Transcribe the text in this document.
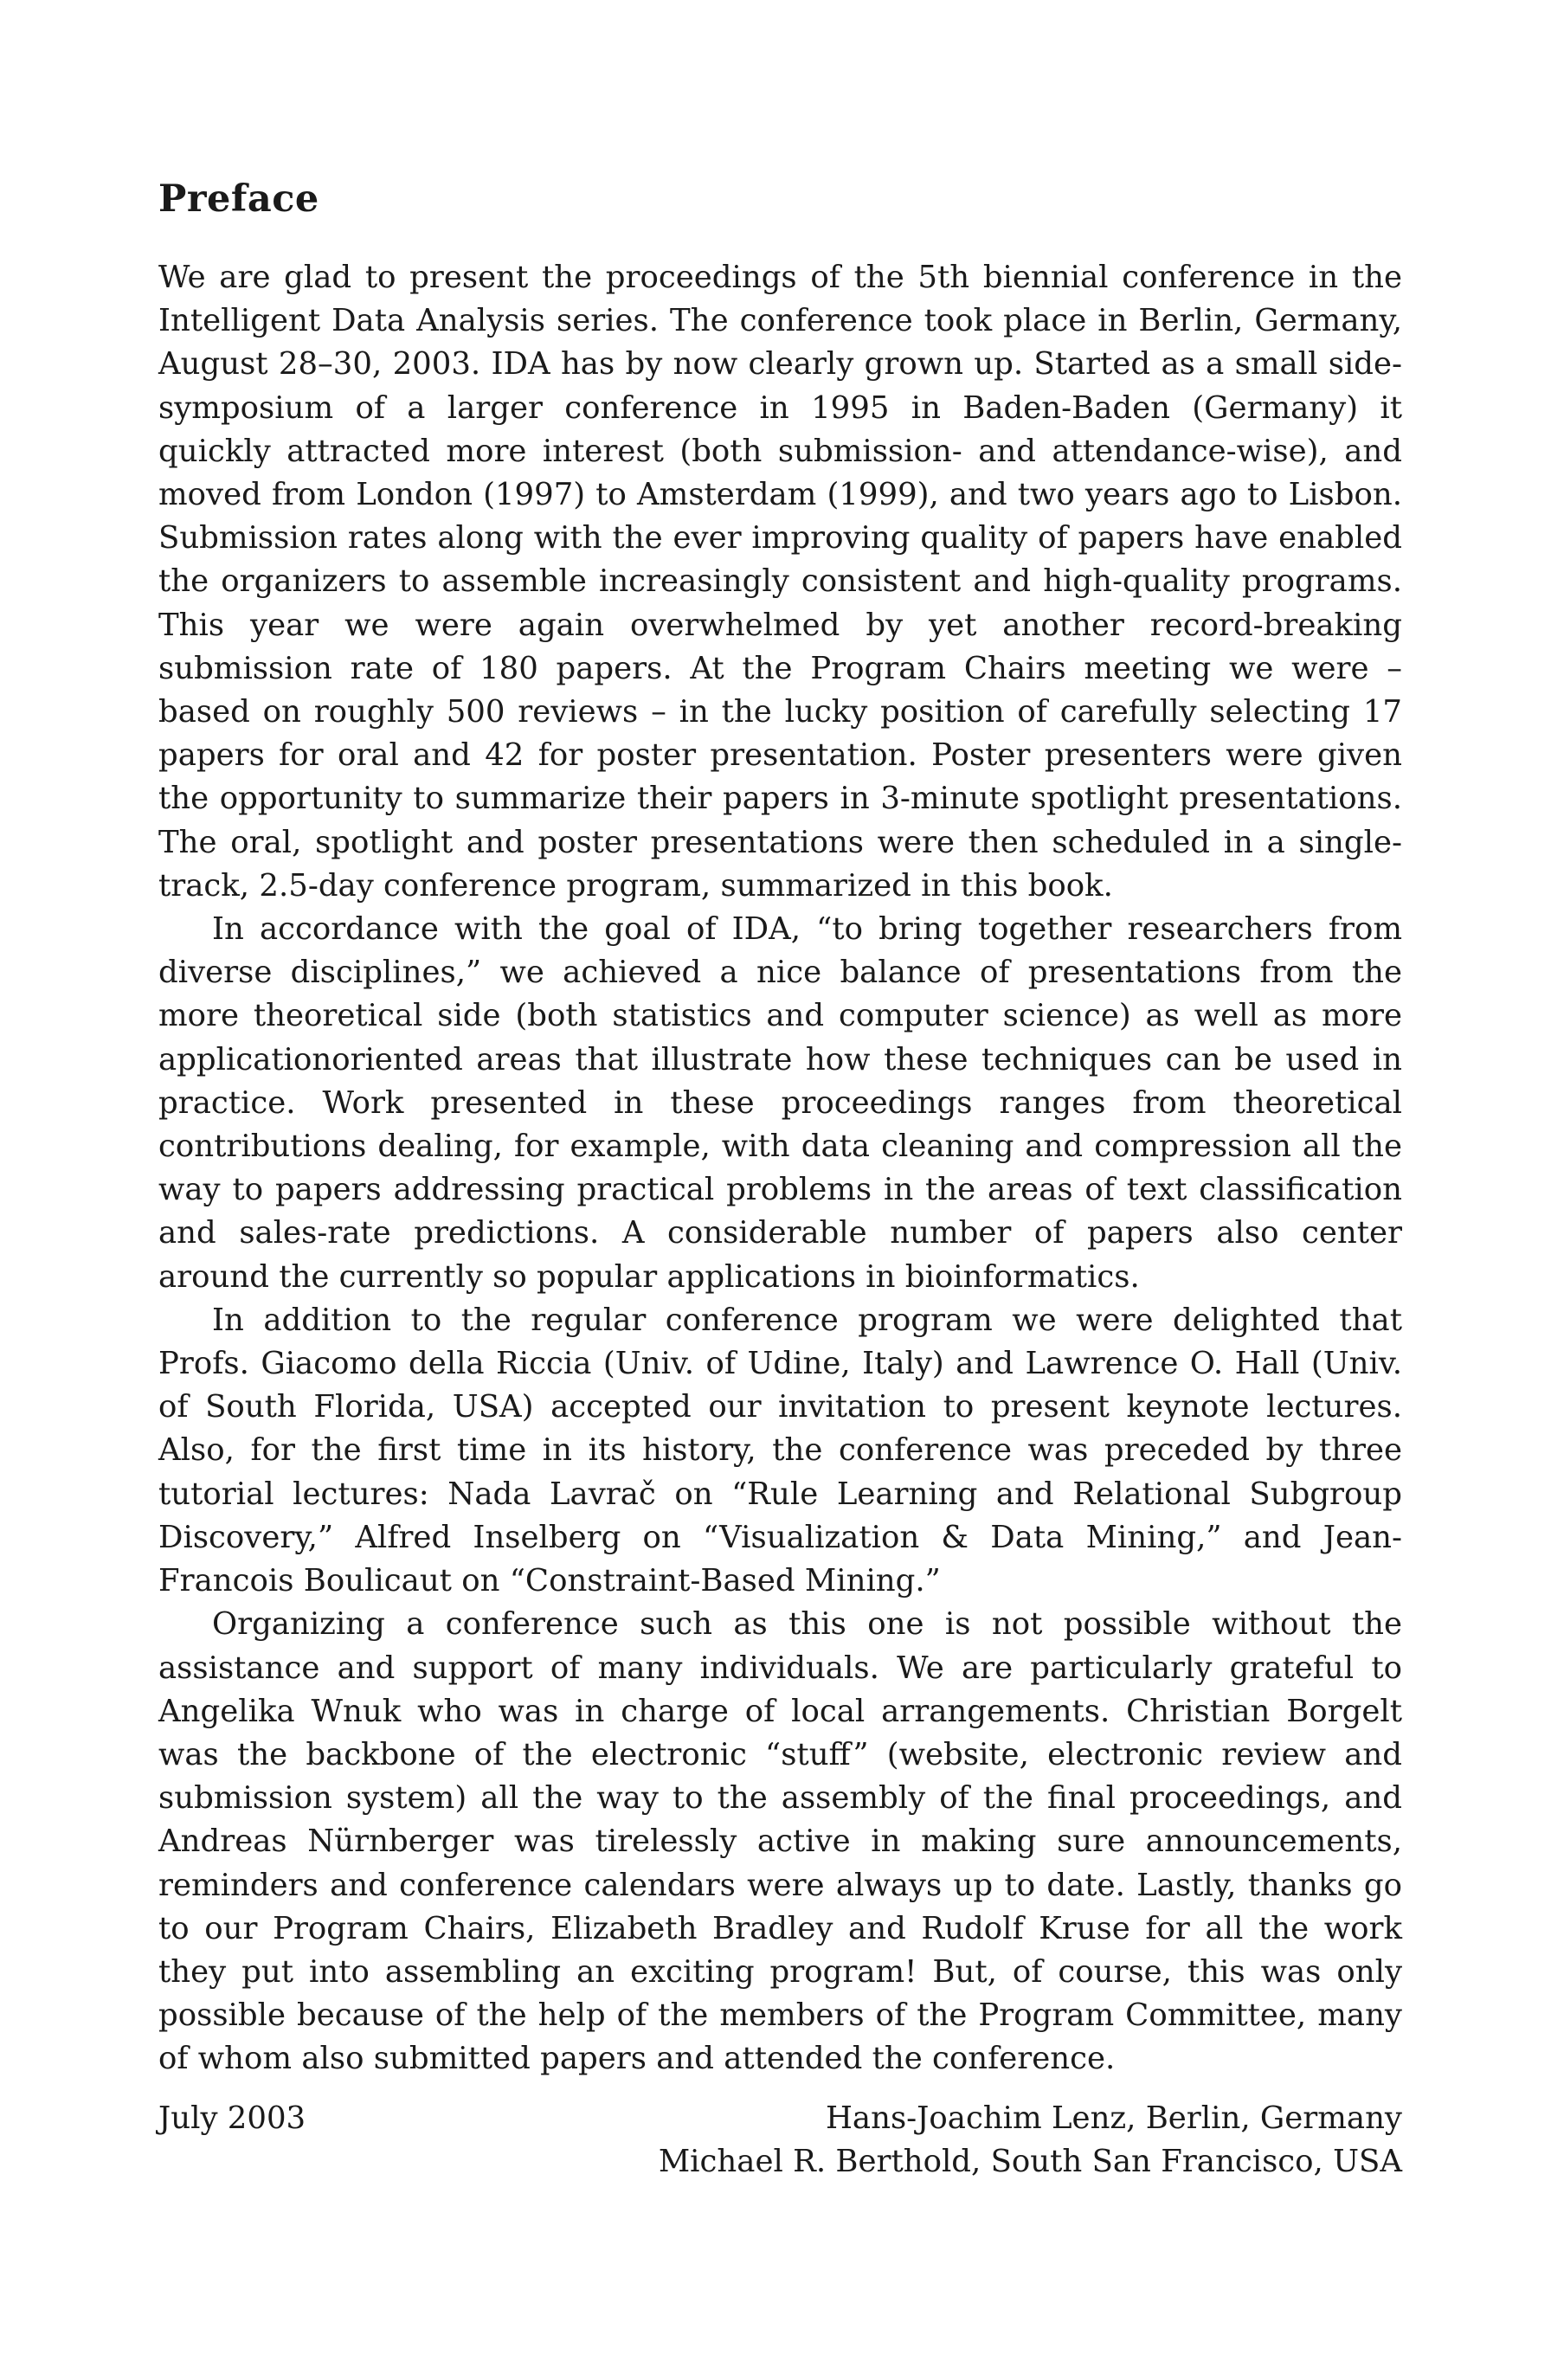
Preface

We are glad to present the proceedings of the 5th biennial conference in the Intelligent Data Analysis series. The conference took place in Berlin, Germany, August 28–30, 2003. IDA has by now clearly grown up. Started as a small sidesymposium of a larger conference in 1995 in Baden-Baden (Germany) it quickly attracted more interest (both submission- and attendance-wise), and moved from London (1997) to Amsterdam (1999), and two years ago to Lisbon. Submission rates along with the ever improving quality of papers have enabled the organizers to assemble increasingly consistent and high-quality programs. This year we were again overwhelmed by yet another record-breaking submission rate of 180 papers. At the Program Chairs meeting we were – based on roughly 500 reviews – in the lucky position of carefully selecting 17 papers for oral and 42 for poster presentation. Poster presenters were given the opportunity to summarize their papers in 3-minute spotlight presentations. The oral, spotlight and poster presentations were then scheduled in a single-track, 2.5-day conference program, summarized in this book.

In accordance with the goal of IDA, “to bring together researchers from diverse disciplines,” we achieved a nice balance of presentations from the more theoretical side (both statistics and computer science) as well as more applicationoriented areas that illustrate how these techniques can be used in practice. Work presented in these proceedings ranges from theoretical contributions dealing, for example, with data cleaning and compression all the way to papers addressing practical problems in the areas of text classification and sales-rate predictions. A considerable number of papers also center around the currently so popular applications in bioinformatics.

In addition to the regular conference program we were delighted that Profs. Giacomo della Riccia (Univ. of Udine, Italy) and Lawrence O. Hall (Univ. of South Florida, USA) accepted our invitation to present keynote lectures. Also, for the first time in its history, the conference was preceded by three tutorial lectures: Nada Lavrač on “Rule Learning and Relational Subgroup Discovery,” Alfred Inselberg on “Visualization & Data Mining,” and Jean-Francois Boulicaut on “Constraint-Based Mining.”

Organizing a conference such as this one is not possible without the assistance and support of many individuals. We are particularly grateful to Angelika Wnuk who was in charge of local arrangements. Christian Borgelt was the backbone of the electronic “stuff” (website, electronic review and submission system) all the way to the assembly of the final proceedings, and Andreas Nürnberger was tirelessly active in making sure announcements, reminders and conference calendars were always up to date. Lastly, thanks go to our Program Chairs, Elizabeth Bradley and Rudolf Kruse for all the work they put into assembling an exciting program! But, of course, this was only possible because of the help of the members of the Program Committee, many of whom also submitted papers and attended the conference.

July 2003	Hans-Joachim Lenz, Berlin, Germany
Michael R. Berthold, South San Francisco, USA
